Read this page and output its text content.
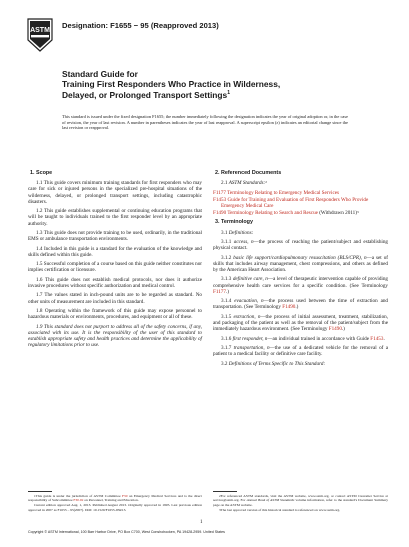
ASTM
Designation: F1655 − 95 (Reapproved 2013)
Standard Guide for
Training First Responders Who Practice in Wilderness,
Delayed, or Prolonged Transport Settings$^1$
This standard is issued under the fixed designation F1655; the number immediately following the designation indicates the year of original adoption or, in the case of revision, the year of last revision. A number in parentheses indicates the year of last reapproval. A superscript epsilon (ε) indicates an editorial change since the last revision or reapproval.
1. Scope

1.1 This guide covers minimum training standards for first responders who may care for sick or injured persons in the specialized pre-hospital situations of the wilderness, delayed, or prolonged transport settings, including catastrophic disasters.

1.2 This guide establishes supplemental or continuing education programs that will be taught to individuals trained to the first responder level by an appropriate authority.

1.3 This guide does not provide training to be used, ordinarily, in the traditional EMS or ambulance transportation environments.

1.4 Included in this guide is a standard for the evaluation of the knowledge and skills defined within this guide.

1.5 Successful completion of a course based on this guide neither constitutes nor implies certification or licensure.

1.6 This guide does not establish medical protocols, nor does it authorize invasive procedures without specific authorization and medical control.

1.7 The values stated in inch-pound units are to be regarded as standard. No other units of measurement are included in this standard.

1.8 Operating within the framework of this guide may expose personnel to hazardous materials or environments, procedures, and equipment or all of these.

1.9 This standard does not purport to address all of the safety concerns, if any, associated with its use. It is the responsibility of the user of this standard to establish appropriate safety and health practices and determine the applicability of regulatory limitations prior to use.

2. Referenced Documents

2.1 ASTM Standards:$^2$

F1177 Terminology Relating to Emergency Medical Services

F1453 Guide for Training and Evaluation of First Responders Who Provide Emergency Medical Care

F1490 Terminology Relating to Search and Rescue (Withdrawn 2011)$^3$

3. Terminology

3.1 Definitions:

3.1.1 access, n—the process of reaching the patient/subject and establishing physical contact.

3.1.2 basic life support/cardiopulmonary resuscitation (BLS/CPR), n—a set of skills that includes airway management, chest compressions, and others as defined by the American Heart Association.

3.1.3 definitive care, n—a level of therapeutic intervention capable of providing comprehensive health care services for a specific condition. (See Terminology F1177.)

3.1.4 evacuation, n—the process used between the time of extraction and transportation. (See Terminology F1490.)

3.1.5 extraction, n—the process of initial assessment, treatment, stabilization, and packaging of the patient as well as the removal of the patient/subject from the immediately hazardous environment. (See Terminology F1490.)

3.1.6 first responder, n—an individual trained in accordance with Guide F1453.

3.1.7 transportation, n—the use of a dedicated vehicle for the removal of a patient to a medical facility or definitive care facility.

3.2 Definitions of Terms Specific to This Standard:

$^1$This guide is under the jurisdiction of ASTM Committee F30 on Emergency Medical Services and is the direct responsibility of Subcommittee F30.02 on Personnel, Training and Education.

Current edition approved Aug. 1, 2013. Published August 2013. Originally approved in 1995. Last previous edition approved in 2007 as F1655 – 95(2007). DOI: 10.1520/F1655-95R13.

$^2$For referenced ASTM standards, visit the ASTM website, www.astm.org, or contact ASTM Customer Service at service@astm.org. For Annual Book of ASTM Standards volume information, refer to the standard's Document Summary page on the ASTM website.

$^3$The last approved version of this historical standard is referenced on www.astm.org.

1
Copyright © ASTM International, 100 Barr Harbor Drive, PO Box C700, West Conshohocken, PA 19428-2959. United States
